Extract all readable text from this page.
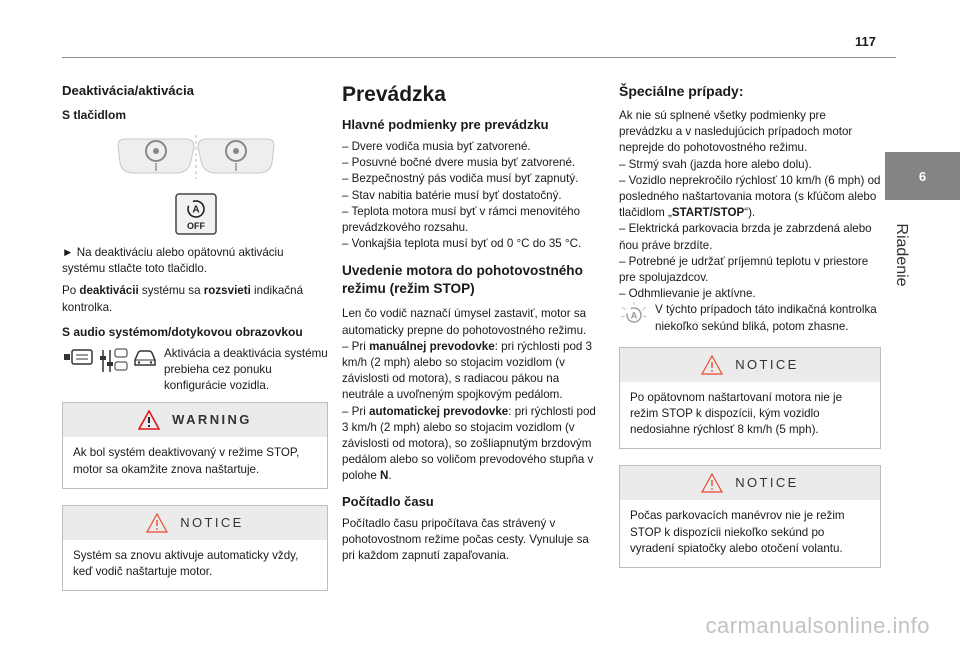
117
6
Riadenie
Deaktivácia/aktivácia
S tlačidlom
A
OFF

► Na deaktiváciu alebo opätovnú aktiváciu systému stlačte toto tlačidlo.

Po deaktivácii systému sa rozsvieti indikačná kontrolka.

S audio systémom/dotykovou obrazovkou

Aktivácia a deaktivácia systému prebieha cez ponuku konfigurácie vozidla.

WARNING
Ak bol systém deaktivovaný v režime STOP, motor sa okamžite znova naštartuje.
NOTICE
Systém sa znovu aktivuje automaticky vždy, keď vodič naštartuje motor.
Prevádzka
Hlavné podmienky pre prevádzku

– Dvere vodiča musia byť zatvorené.

– Posuvné bočné dvere musia byť zatvorené.

– Bezpečnostný pás vodiča musí byť zapnutý.

– Stav nabitia batérie musí byť dostatočný.

– Teplota motora musí byť v rámci menovitého prevádzkového rozsahu.

– Vonkajšia teplota musí byť od 0 °C do 35 °C.

Uvedenie motora do pohotovostného režimu (režim STOP)

Len čo vodič naznačí úmysel zastaviť, motor sa automaticky prepne do pohotovostného režimu.

– Pri manuálnej prevodovke: pri rýchlosti pod 3 km/h (2 mph) alebo so stojacim vozidlom (v závislosti od motora), s radiacou pákou na neutrále a uvoľneným spojkovým pedálom.

– Pri automatickej prevodovke: pri rýchlosti pod 3 km/h (2 mph) alebo so stojacim vozidlom (v závislosti od motora), so zošliapnutým brzdovým pedálom alebo so voličom prevodového stupňa v polohe N.

Počítadlo času

Počítadlo času pripočítava čas strávený v pohotovostnom režime počas cesty. Vynuluje sa pri každom zapnutí zapaľovania.

Špeciálne prípady:

Ak nie sú splnené všetky podmienky pre prevádzku a v nasledujúcich prípadoch motor neprejde do pohotovostného režimu.

– Strmý svah (jazda hore alebo dolu).

– Vozidlo neprekročilo rýchlosť 10 km/h (6 mph) od posledného naštartovania motora (s kľúčom alebo tlačidlom „START/STOP“).

– Elektrická parkovacia brzda je zabrzdená alebo ňou práve brzdíte.

– Potrebné je udržať príjemnú teplotu v priestore pre spolujazdcov.

– Odhmlievanie je aktívne.

A V týchto prípadoch táto indikačná kontrolka niekoľko sekúnd bliká, potom zhasne.

NOTICE
Po opätovnom naštartovaní motora nie je režim STOP k dispozícii, kým vozidlo nedosiahne rýchlosť 8 km/h (5 mph).
NOTICE
Počas parkovacích manévrov nie je režim STOP k dispozícii niekoľko sekúnd po vyradení spiatočky alebo otočení volantu.
carmanualsonline.info
